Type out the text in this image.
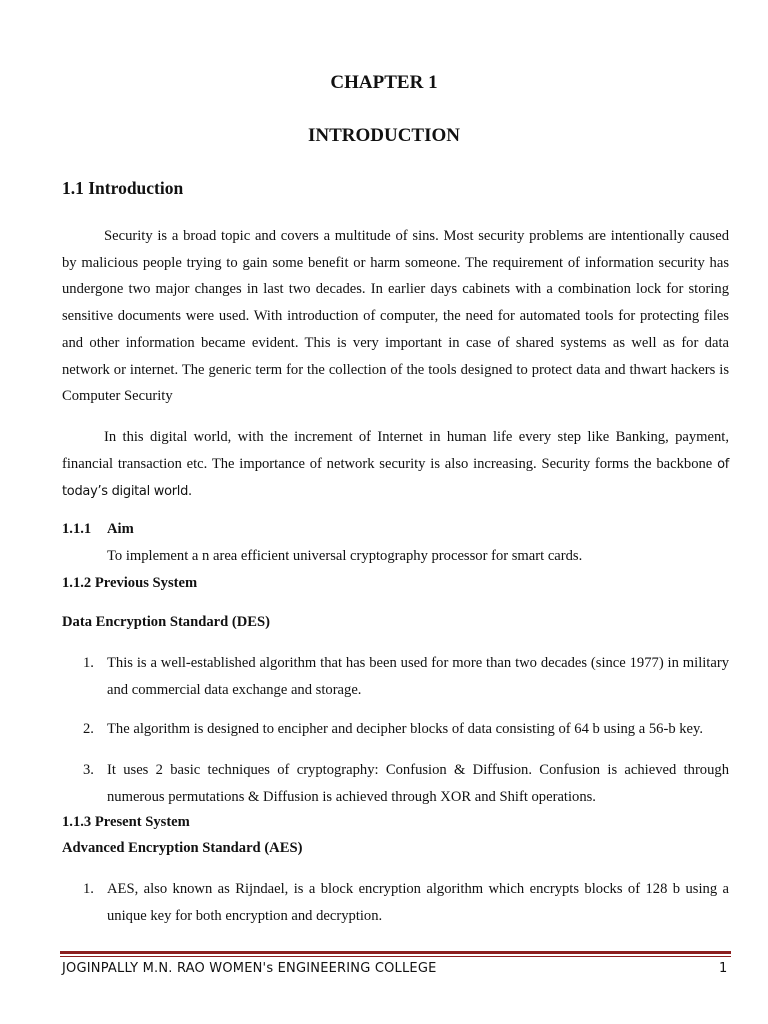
CHAPTER 1
INTRODUCTION
1.1 Introduction
Security is a broad topic and covers a multitude of sins. Most security problems are intentionally caused by malicious people trying to gain some benefit or harm someone. The requirement of information security has undergone two major changes in last two decades. In earlier days cabinets with a combination lock for storing sensitive documents were used. With introduction of computer, the need for automated tools for protecting files and other information became evident. This is very important in case of shared systems as well as for data network or internet. The generic term for the collection of the tools designed to protect data and thwart hackers is Computer Security
In this digital world, with the increment of Internet in human life every step like Banking, payment, financial transaction etc. The importance of network security is also increasing. Security forms the backbone of today’s digital world.
1.1.1 Aim
To implement a n area efficient universal cryptography processor for smart cards.
1.1.2 Previous System
Data Encryption Standard (DES)
1. This is a well-established algorithm that has been used for more than two decades (since 1977) in military and commercial data exchange and storage.
2. The algorithm is designed to encipher and decipher blocks of data consisting of 64 b using a 56-b key.
3. It uses 2 basic techniques of cryptography: Confusion & Diffusion. Confusion is achieved through numerous permutations & Diffusion is achieved through XOR and Shift operations.
1.1.3 Present System
Advanced Encryption Standard (AES)
1. AES, also known as Rijndael, is a block encryption algorithm which encrypts blocks of 128 b using a unique key for both encryption and decryption.
JOGINPALLY M.N. RAO WOMEN's ENGINEERING COLLEGE	1
